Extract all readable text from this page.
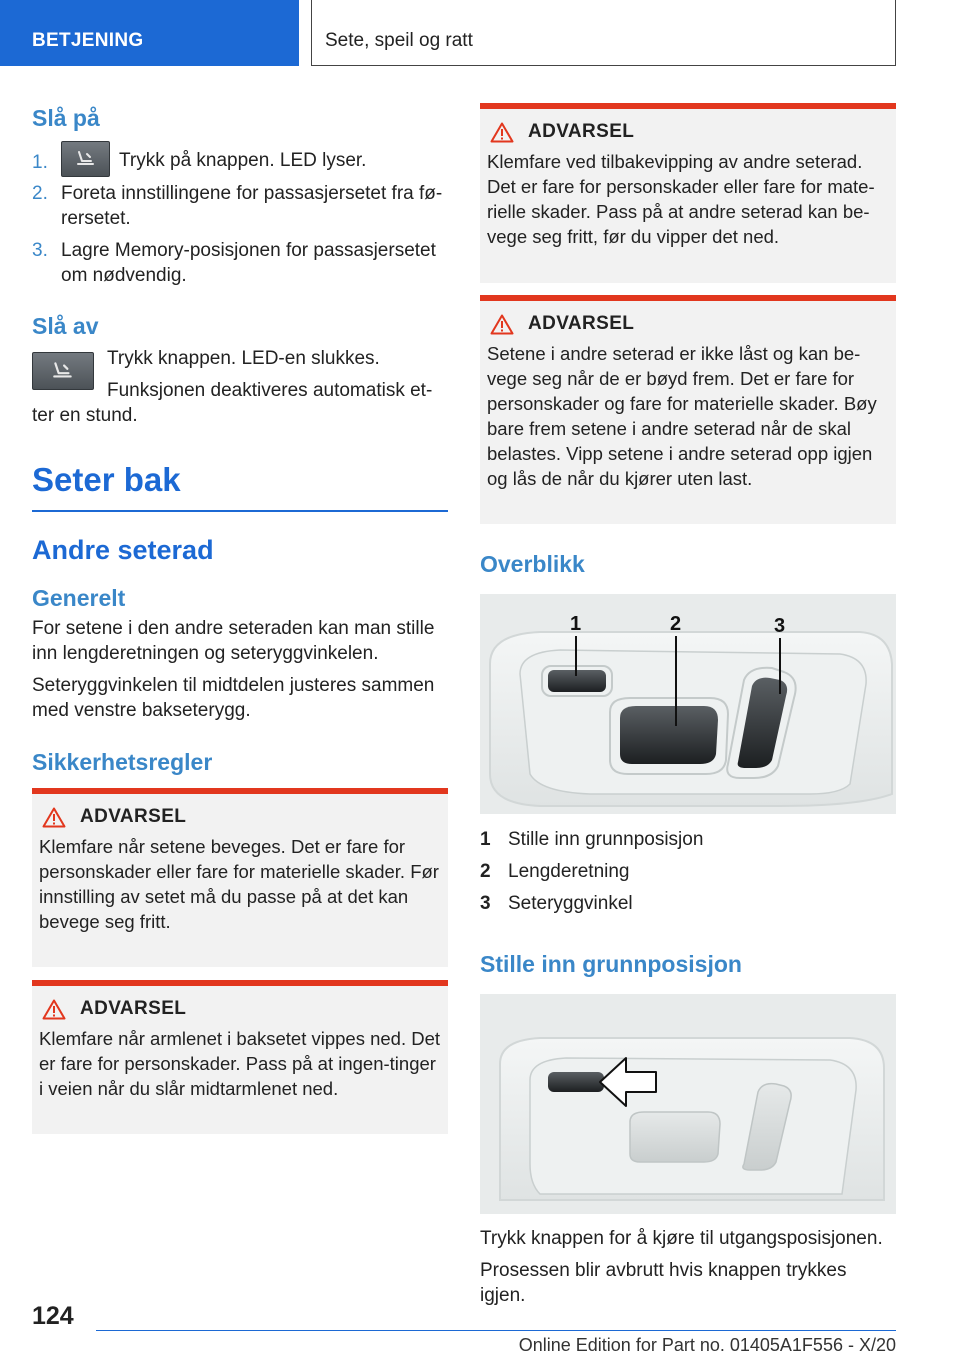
BETJENING	Sete, speil og ratt
Slå på
1.	Trykk på knappen. LED lyser.
2. Foreta innstillingene for passasjersetet fra fø-rersetet.
3. Lagre Memory-posisjonen for passasjersetet om nødvendig.
Slå av

Trykk knappen. LED-en slukkes.

Funksjonen deaktiveres automatisk et-ter en stund.

Seter bak
Andre seterad
Generelt

For setene i den andre seteraden kan man stille inn lengderetningen og seteryggvinkelen.

Seteryggvinkelen til midtdelen justeres sammen med venstre bakseterygg.

Sikkerhetsregler
ADVARSEL

Klemfare når setene beveges. Det er fare for personskader eller fare for materielle skader. Før innstilling av setet må du passe på at det kan bevege seg fritt.

ADVARSEL

Klemfare når armlenet i baksetet vippes ned. Det er fare for personskader. Pass på at ingen-tinger i veien når du slår midtarmlenet ned.

ADVARSEL

Klemfare ved tilbakevipping av andre seterad. Det er fare for personskader eller fare for mate-rielle skader. Pass på at andre seterad kan be-vege seg fritt, før du vipper det ned.

ADVARSEL

Setene i andre seterad er ikke låst og kan be-vege seg når de er bøyd frem. Det er fare for personskader og fare for materielle skader. Bøy bare frem setene i andre seterad når de skal belastes. Vipp setene i andre seterad opp igjen og lås de når du kjører uten last.

Overblikk
1	2	3
1 Stille inn grunnposisjon
2 Lengderetning
3 Seteryggvinkel
Stille inn grunnposisjon

Trykk knappen for å kjøre til utgangsposisjonen.

Prosessen blir avbrutt hvis knappen trykkes igjen.

124
Online Edition for Part no. 01405A1F556 - X/20
